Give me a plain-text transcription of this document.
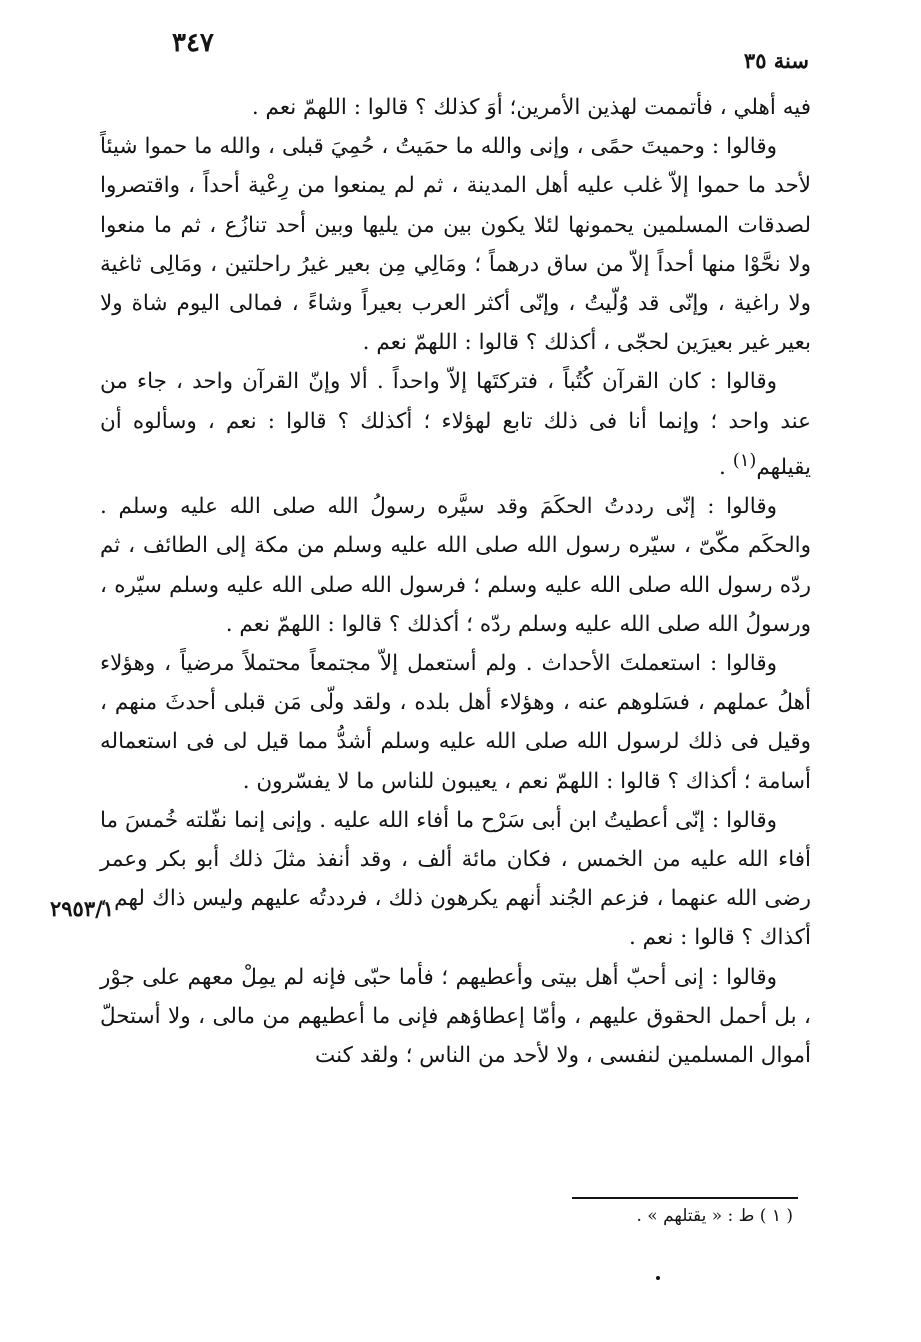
٣٤٧
سنة ٣٥
٢٩٥٣/١

فيه أهلي ، فأتممت لهذين الأمرين؛ أوَ كذلك ؟ قالوا : اللهمّ نعم .

وقالوا : وحميتَ حمًى ، وإنى والله ما حمَيتُ ، حُمِيَ قبلى ، والله ما حموا شيئاً لأحد ما حموا إلاّ غلب عليه أهل المدينة ، ثم لم يمنعوا من رِعْية أحداً ، واقتصروا لصدقات المسلمين يحمونها لئلا يكون بين من يليها وبين أحد تنازُع ، ثم ما منعوا ولا نحَّوْا منها أحداً إلاّ من ساق درهماً ؛ ومَالِي مِن بعير غيرُ راحلتين ، ومَالِى ثاغية ولا راغية ، وإنّى قد وُلّيتُ ، وإنّى أكثر العرب بعيراً وشاءً ، فمالى اليوم شاة ولا بعير غير بعيرَين لحجّى ، أكذلك ؟ قالوا : اللهمّ نعم .

وقالوا : كان القرآن كُتُباً ، فتركتَها إلاّ واحداً . ألا وإنّ القرآن واحد ، جاء من عند واحد ؛ وإنما أنا فى ذلك تابع لهؤلاء ؛ أكذلك ؟ قالوا : نعم ، وسألوه أن يقيلهم$^{(١)}$ .

وقالوا : إنّى رددتُ الحكَمَ وقد سيَّره رسولُ الله صلى الله عليه وسلم . والحكَم مكّىّ ، سيّره رسول الله صلى الله عليه وسلم من مكة إلى الطائف ، ثم ردّه رسول الله صلى الله عليه وسلم ؛ فرسول الله صلى الله عليه وسلم سيّره ، ورسولُ الله صلى الله عليه وسلم ردّه ؛ أكذلك ؟ قالوا : اللهمّ نعم .

وقالوا : استعملتَ الأحداث . ولم أستعمل إلاّ مجتمعاً محتملاً مرضياً ، وهؤلاء أهلُ عملهم ، فسَلوهم عنه ، وهؤلاء أهل بلده ، ولقد ولّى مَن قبلى أحدثَ منهم ، وقيل فى ذلك لرسول الله صلى الله عليه وسلم أشدُّ مما قيل لى فى استعماله أسامة ؛ أكذاك ؟ قالوا : اللهمّ نعم ، يعيبون للناس ما لا يفسّرون .

وقالوا : إنّى أعطيتُ ابن أبى سَرْح ما أفاء الله عليه . وإنى إنما نفّلته خُمسَ ما أفاء الله عليه من الخمس ، فكان مائة ألف ، وقد أنفذ مثلَ ذلك أبو بكر وعمر رضى الله عنهما ، فزعم الجُند أنهم يكرهون ذلك ، فرددتُه عليهم وليس ذاك لهم ، أكذاك ؟ قالوا : نعم .

وقالوا : إنى أحبّ أهل بيتى وأعطيهم ؛ فأما حبّى فإنه لم يمِلْ معهم على جوْر ، بل أحمل الحقوق عليهم ، وأمّا إعطاؤهم فإنى ما أعطيهم من مالى ، ولا أستحلّ أموال المسلمين لنفسى ، ولا لأحد من الناس ؛ ولقد كنت

( ١ ) ط : « يقتلهم » .
